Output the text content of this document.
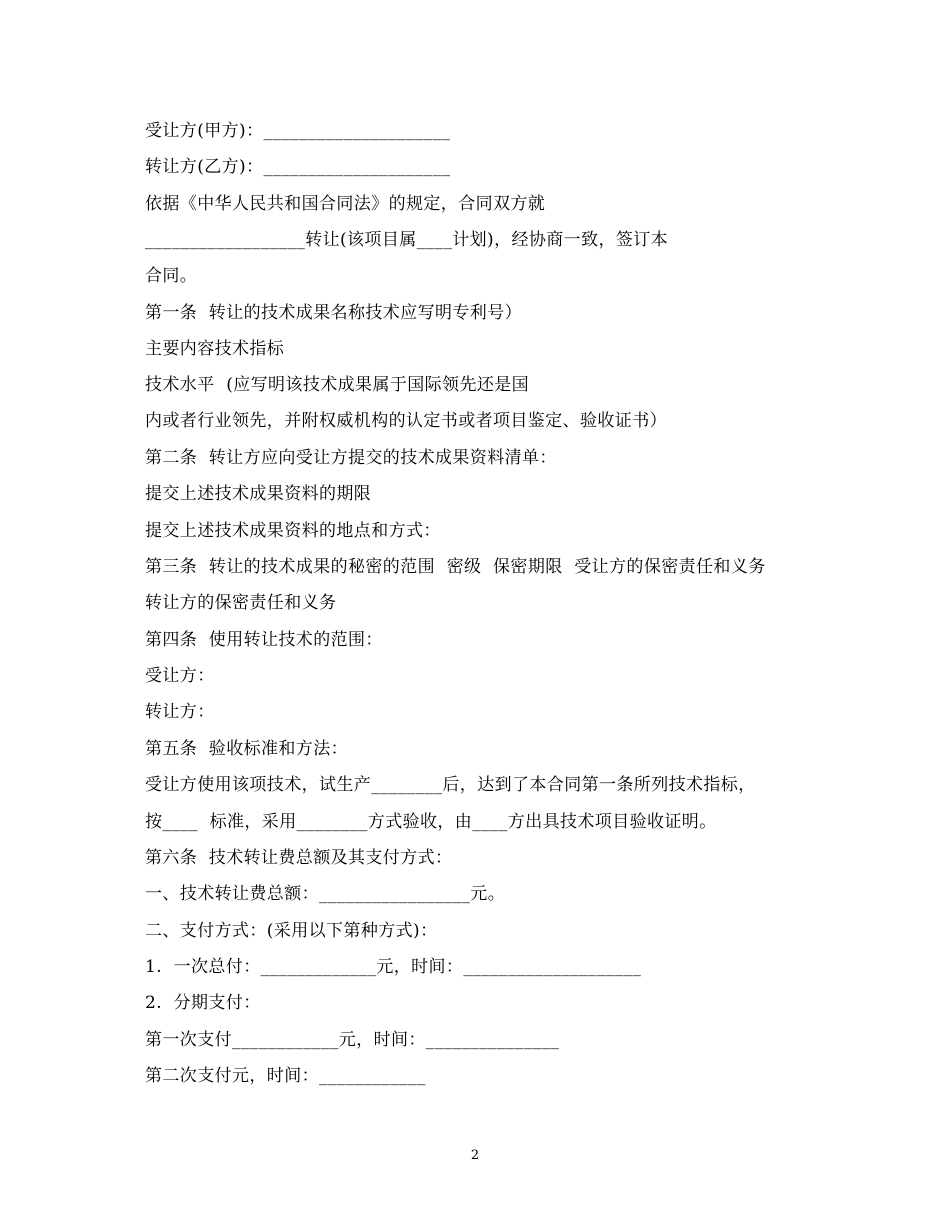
受让方(甲方)：_____________________
转让方(乙方)：_____________________
依据《中华人民共和国合同法》的规定，合同双方就
__________________转让(该项目属____计划)，经协商一致，签订本
合同。
第一条  转让的技术成果名称技术应写明专利号）
主要内容技术指标
技术水平  (应写明该技术成果属于国际领先还是国
内或者行业领先，并附权威机构的认定书或者项目鉴定、验收证书）
第二条  转让方应向受让方提交的技术成果资料清单：
提交上述技术成果资料的期限
提交上述技术成果资料的地点和方式：
第三条  转让的技术成果的秘密的范围  密级  保密期限  受让方的保密责任和义务
转让方的保密责任和义务
第四条  使用转让技术的范围：
受让方：
转让方：
第五条  验收标准和方法：
受让方使用该项技术，试生产________后，达到了本合同第一条所列技术指标，
按____  标准，采用________方式验收，由____方出具技术项目验收证明。
第六条  技术转让费总额及其支付方式：
一、技术转让费总额：_________________元。
二、支付方式：(采用以下第种方式)：
1.  一次总付：_____________元，时间：____________________
2.  分期支付：
第一次支付____________元，时间：_______________
第二次支付元，时间：____________
2
